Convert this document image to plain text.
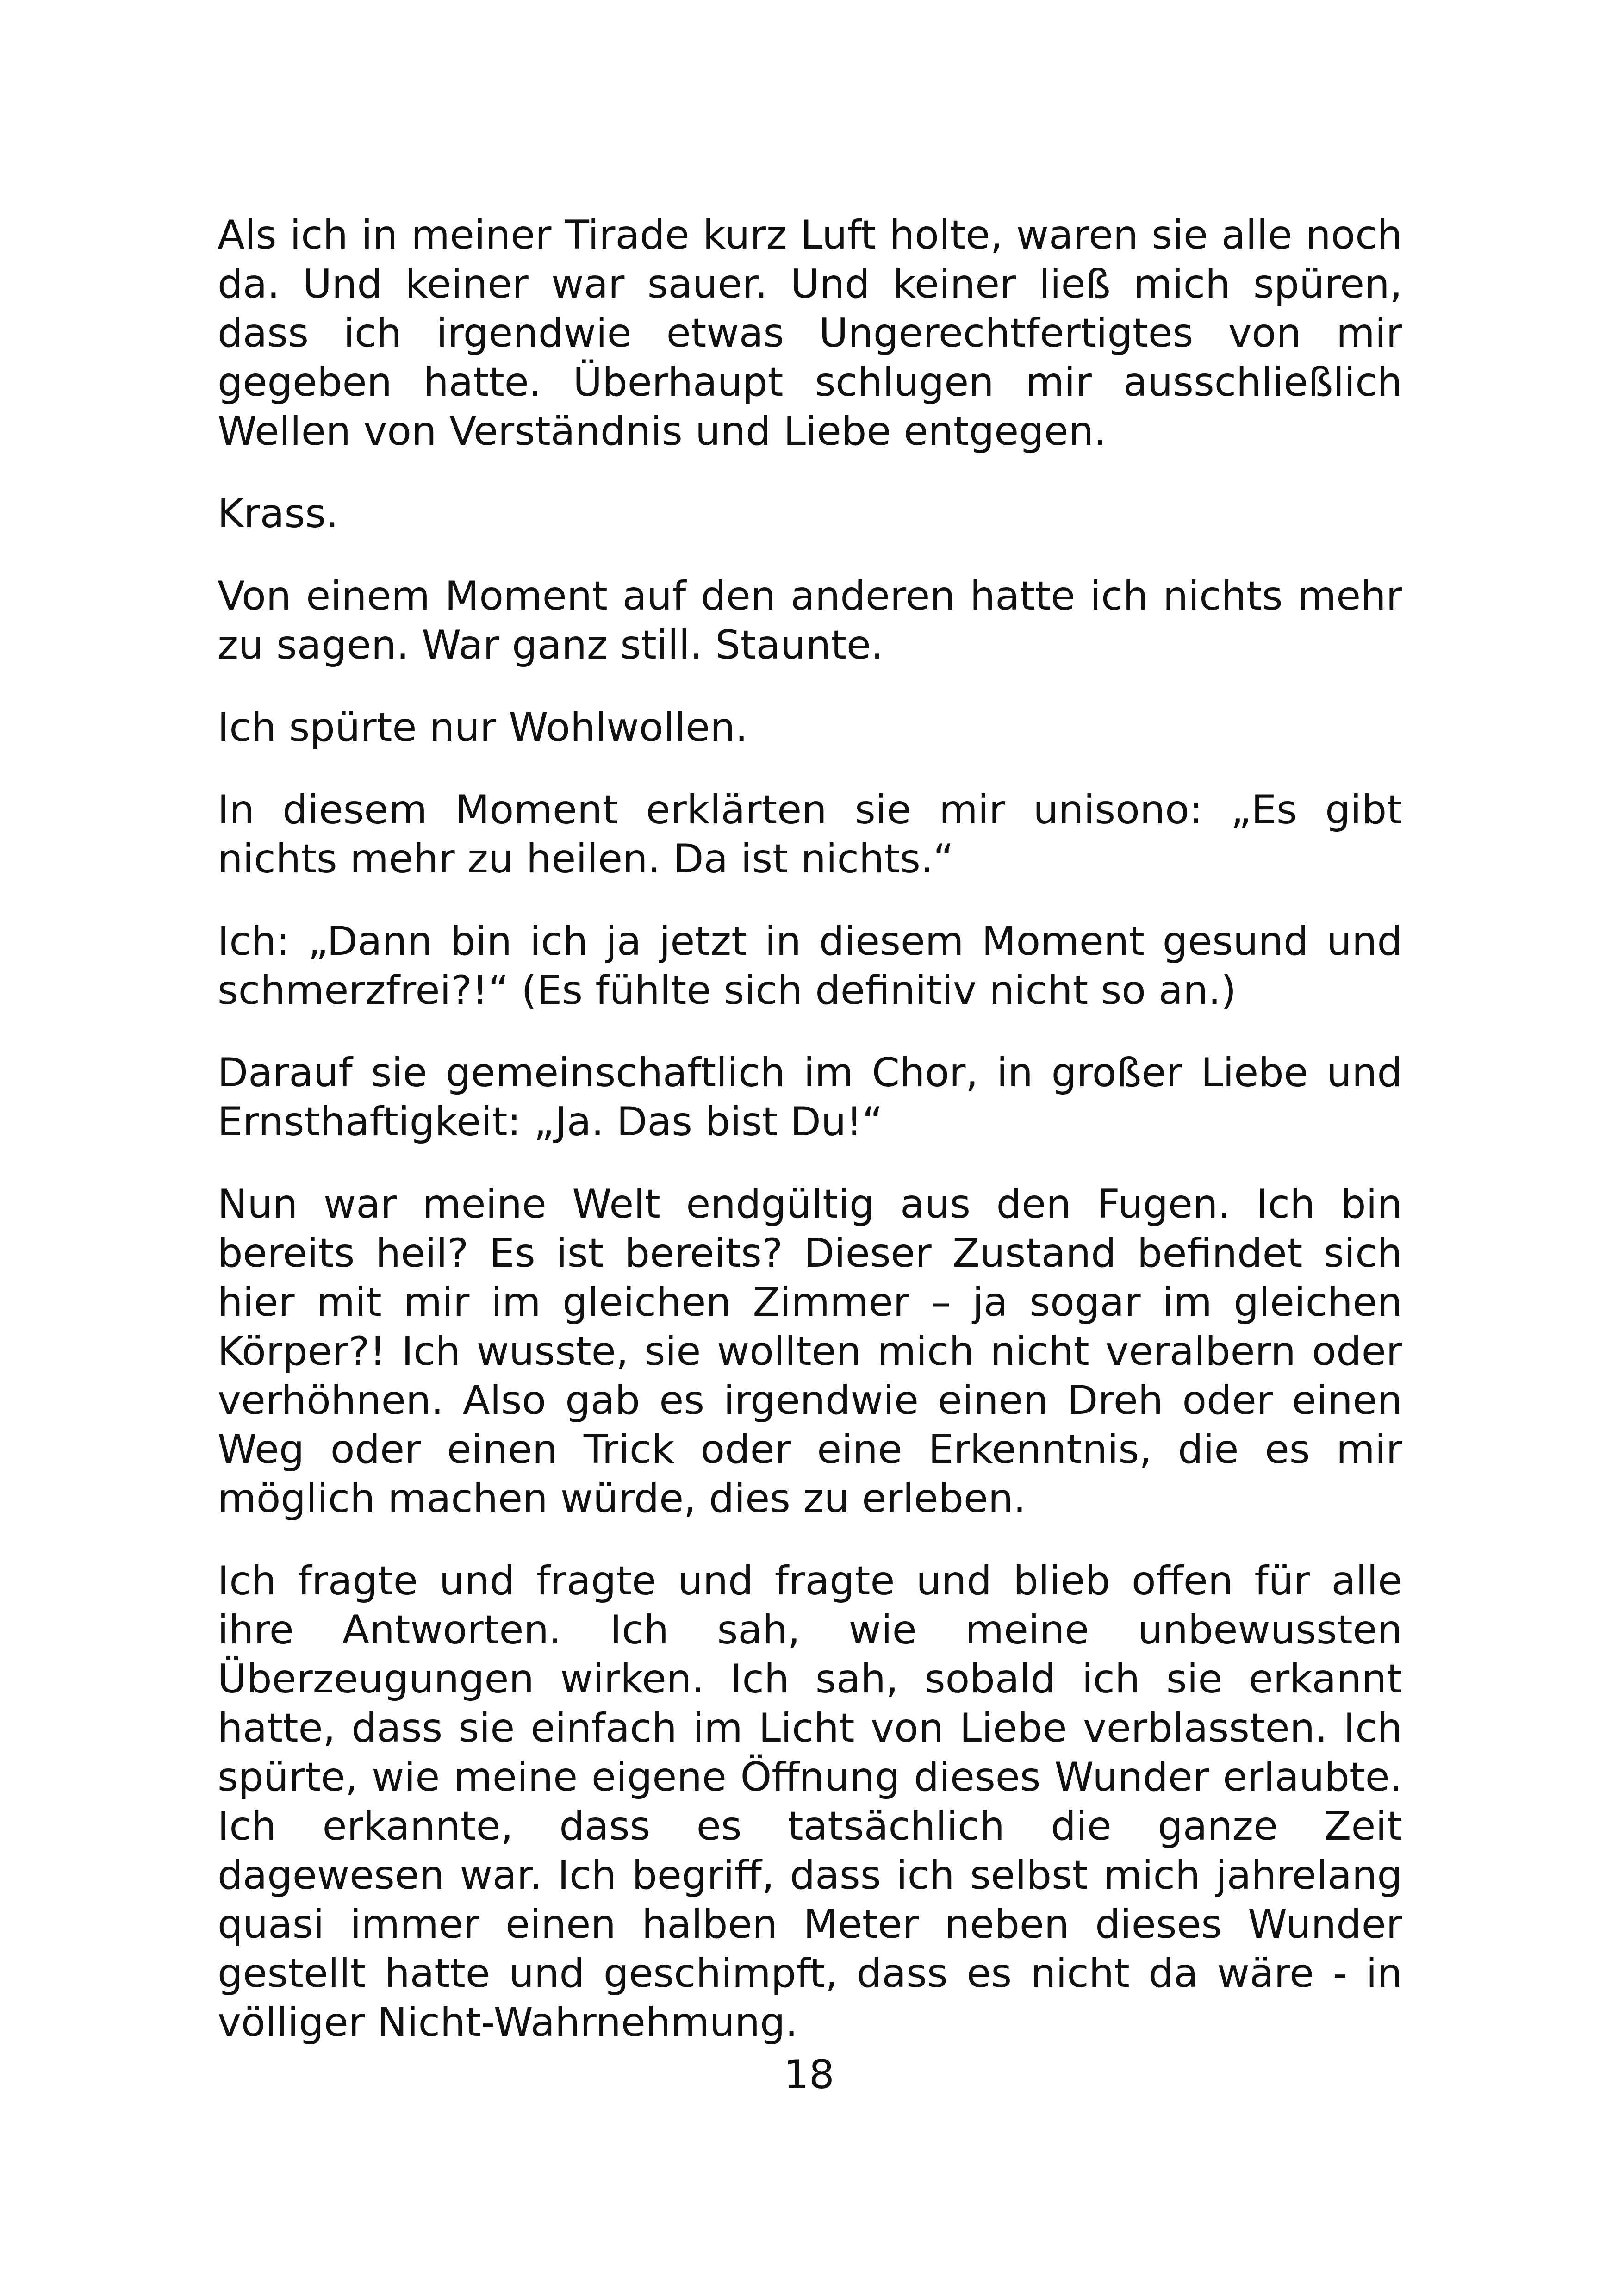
Als ich in meiner Tirade kurz Luft holte, waren sie alle noch da. Und keiner war sauer. Und keiner ließ mich spüren, dass ich irgendwie etwas Ungerechtfertigtes von mir gegeben hatte. Überhaupt schlugen mir ausschließlich Wellen von Verständnis und Liebe entgegen.

Krass.

Von einem Moment auf den anderen hatte ich nichts mehr zu sagen. War ganz still. Staunte.

Ich spürte nur Wohlwollen.

In diesem Moment erklärten sie mir unisono: „Es gibt nichts mehr zu heilen. Da ist nichts.“

Ich: „Dann bin ich ja jetzt in diesem Moment gesund und schmerzfrei?!“ (Es fühlte sich definitiv nicht so an.)

Darauf sie gemeinschaftlich im Chor, in großer Liebe und Ernsthaftigkeit: „Ja. Das bist Du!“

Nun war meine Welt endgültig aus den Fugen. Ich bin bereits heil? Es ist bereits? Dieser Zustand befindet sich hier mit mir im gleichen Zimmer – ja sogar im gleichen Körper?! Ich wusste, sie wollten mich nicht veralbern oder verhöhnen. Also gab es irgendwie einen Dreh oder einen Weg oder einen Trick oder eine Erkenntnis, die es mir möglich machen würde, dies zu erleben.

Ich fragte und fragte und fragte und blieb offen für alle ihre Antworten. Ich sah, wie meine unbewussten Überzeugungen wirken. Ich sah, sobald ich sie erkannt hatte, dass sie einfach im Licht von Liebe verblassten. Ich spürte, wie meine eigene Öffnung dieses Wunder erlaubte. Ich erkannte, dass es tatsächlich die ganze Zeit dagewesen war. Ich begriff, dass ich selbst mich jahrelang quasi immer einen halben Meter neben dieses Wunder gestellt hatte und geschimpft, dass es nicht da wäre - in völliger Nicht-Wahrnehmung.

18
